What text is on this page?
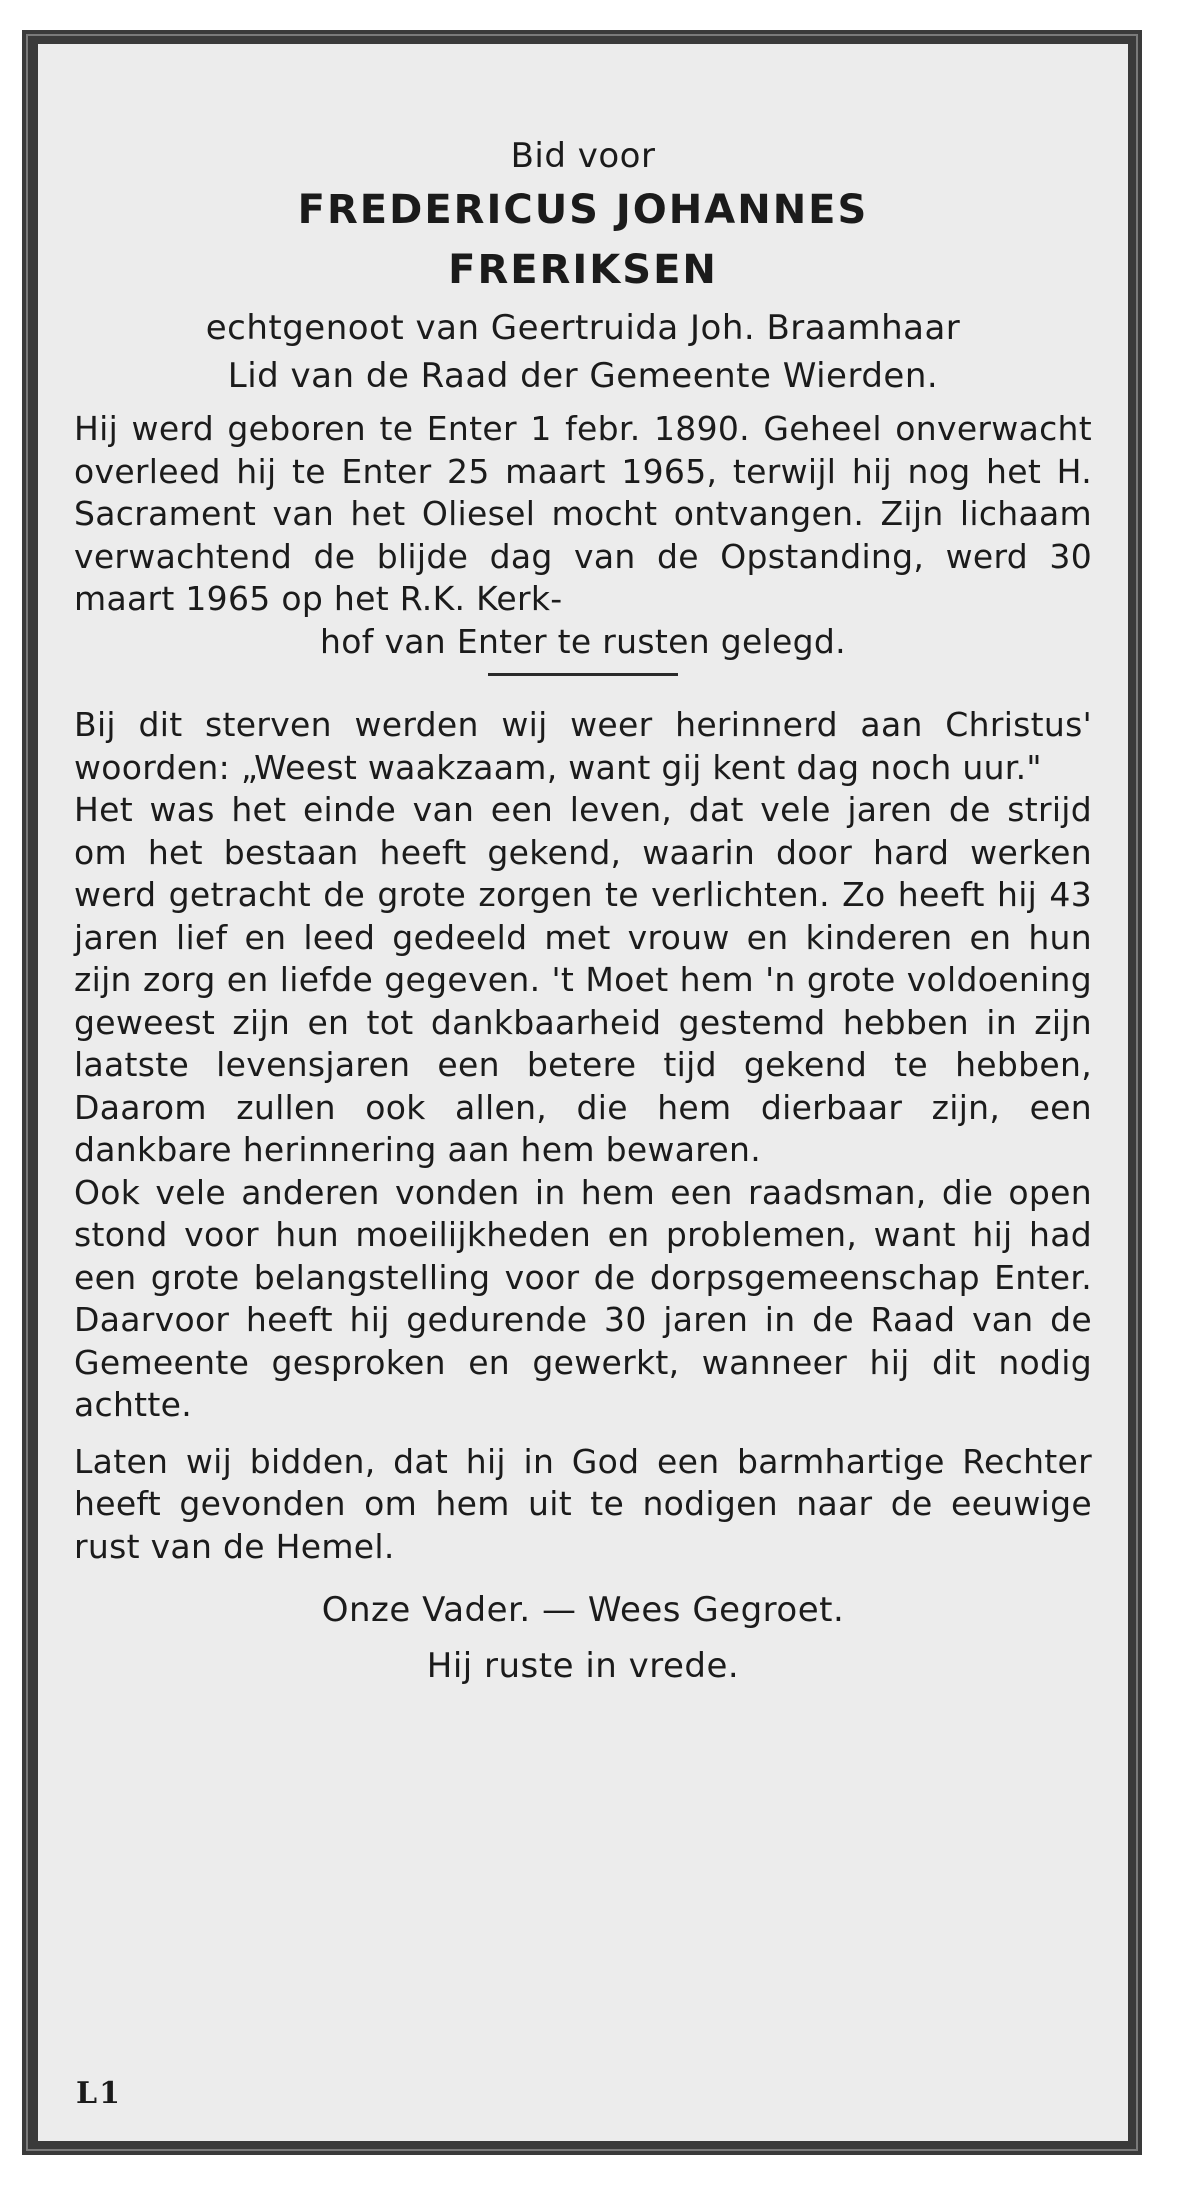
Bid voor

FREDERICUS JOHANNES

FRERIKSEN

echtgenoot van Geertruida Joh. Braamhaar

Lid van de Raad der Gemeente Wierden.

Hij werd geboren te Enter 1 febr. 1890. Geheel onverwacht overleed hij te Enter 25 maart 1965, terwijl hij nog het H. Sacrament van het Oliesel mocht ontvangen. Zijn lichaam verwachtend de blijde dag van de Opstanding, werd 30 maart 1965 op het R.K. Kerk-

hof van Enter te rusten gelegd.

Bij dit sterven werden wij weer herinnerd aan Christus' woorden: „Weest waakzaam, want gij kent dag noch uur."

Het was het einde van een leven, dat vele jaren de strijd om het bestaan heeft gekend, waarin door hard werken werd getracht de grote zorgen te verlichten. Zo heeft hij 43 jaren lief en leed gedeeld met vrouw en kinderen en hun zijn zorg en liefde gegeven. 't Moet hem 'n grote voldoening geweest zijn en tot dankbaarheid gestemd hebben in zijn laatste levensjaren een betere tijd gekend te hebben, Daarom zullen ook allen, die hem dierbaar zijn, een dankbare herinnering aan hem bewaren.

Ook vele anderen vonden in hem een raadsman, die open stond voor hun moeilijkheden en problemen, want hij had een grote belangstelling voor de dorpsgemeenschap Enter. Daarvoor heeft hij gedurende 30 jaren in de Raad van de Gemeente gesproken en gewerkt, wanneer hij dit nodig achtte.

Laten wij bidden, dat hij in God een barmhartige Rechter heeft gevonden om hem uit te nodigen naar de eeuwige rust van de Hemel.

Onze Vader. — Wees Gegroet.

Hij ruste in vrede.

L1
